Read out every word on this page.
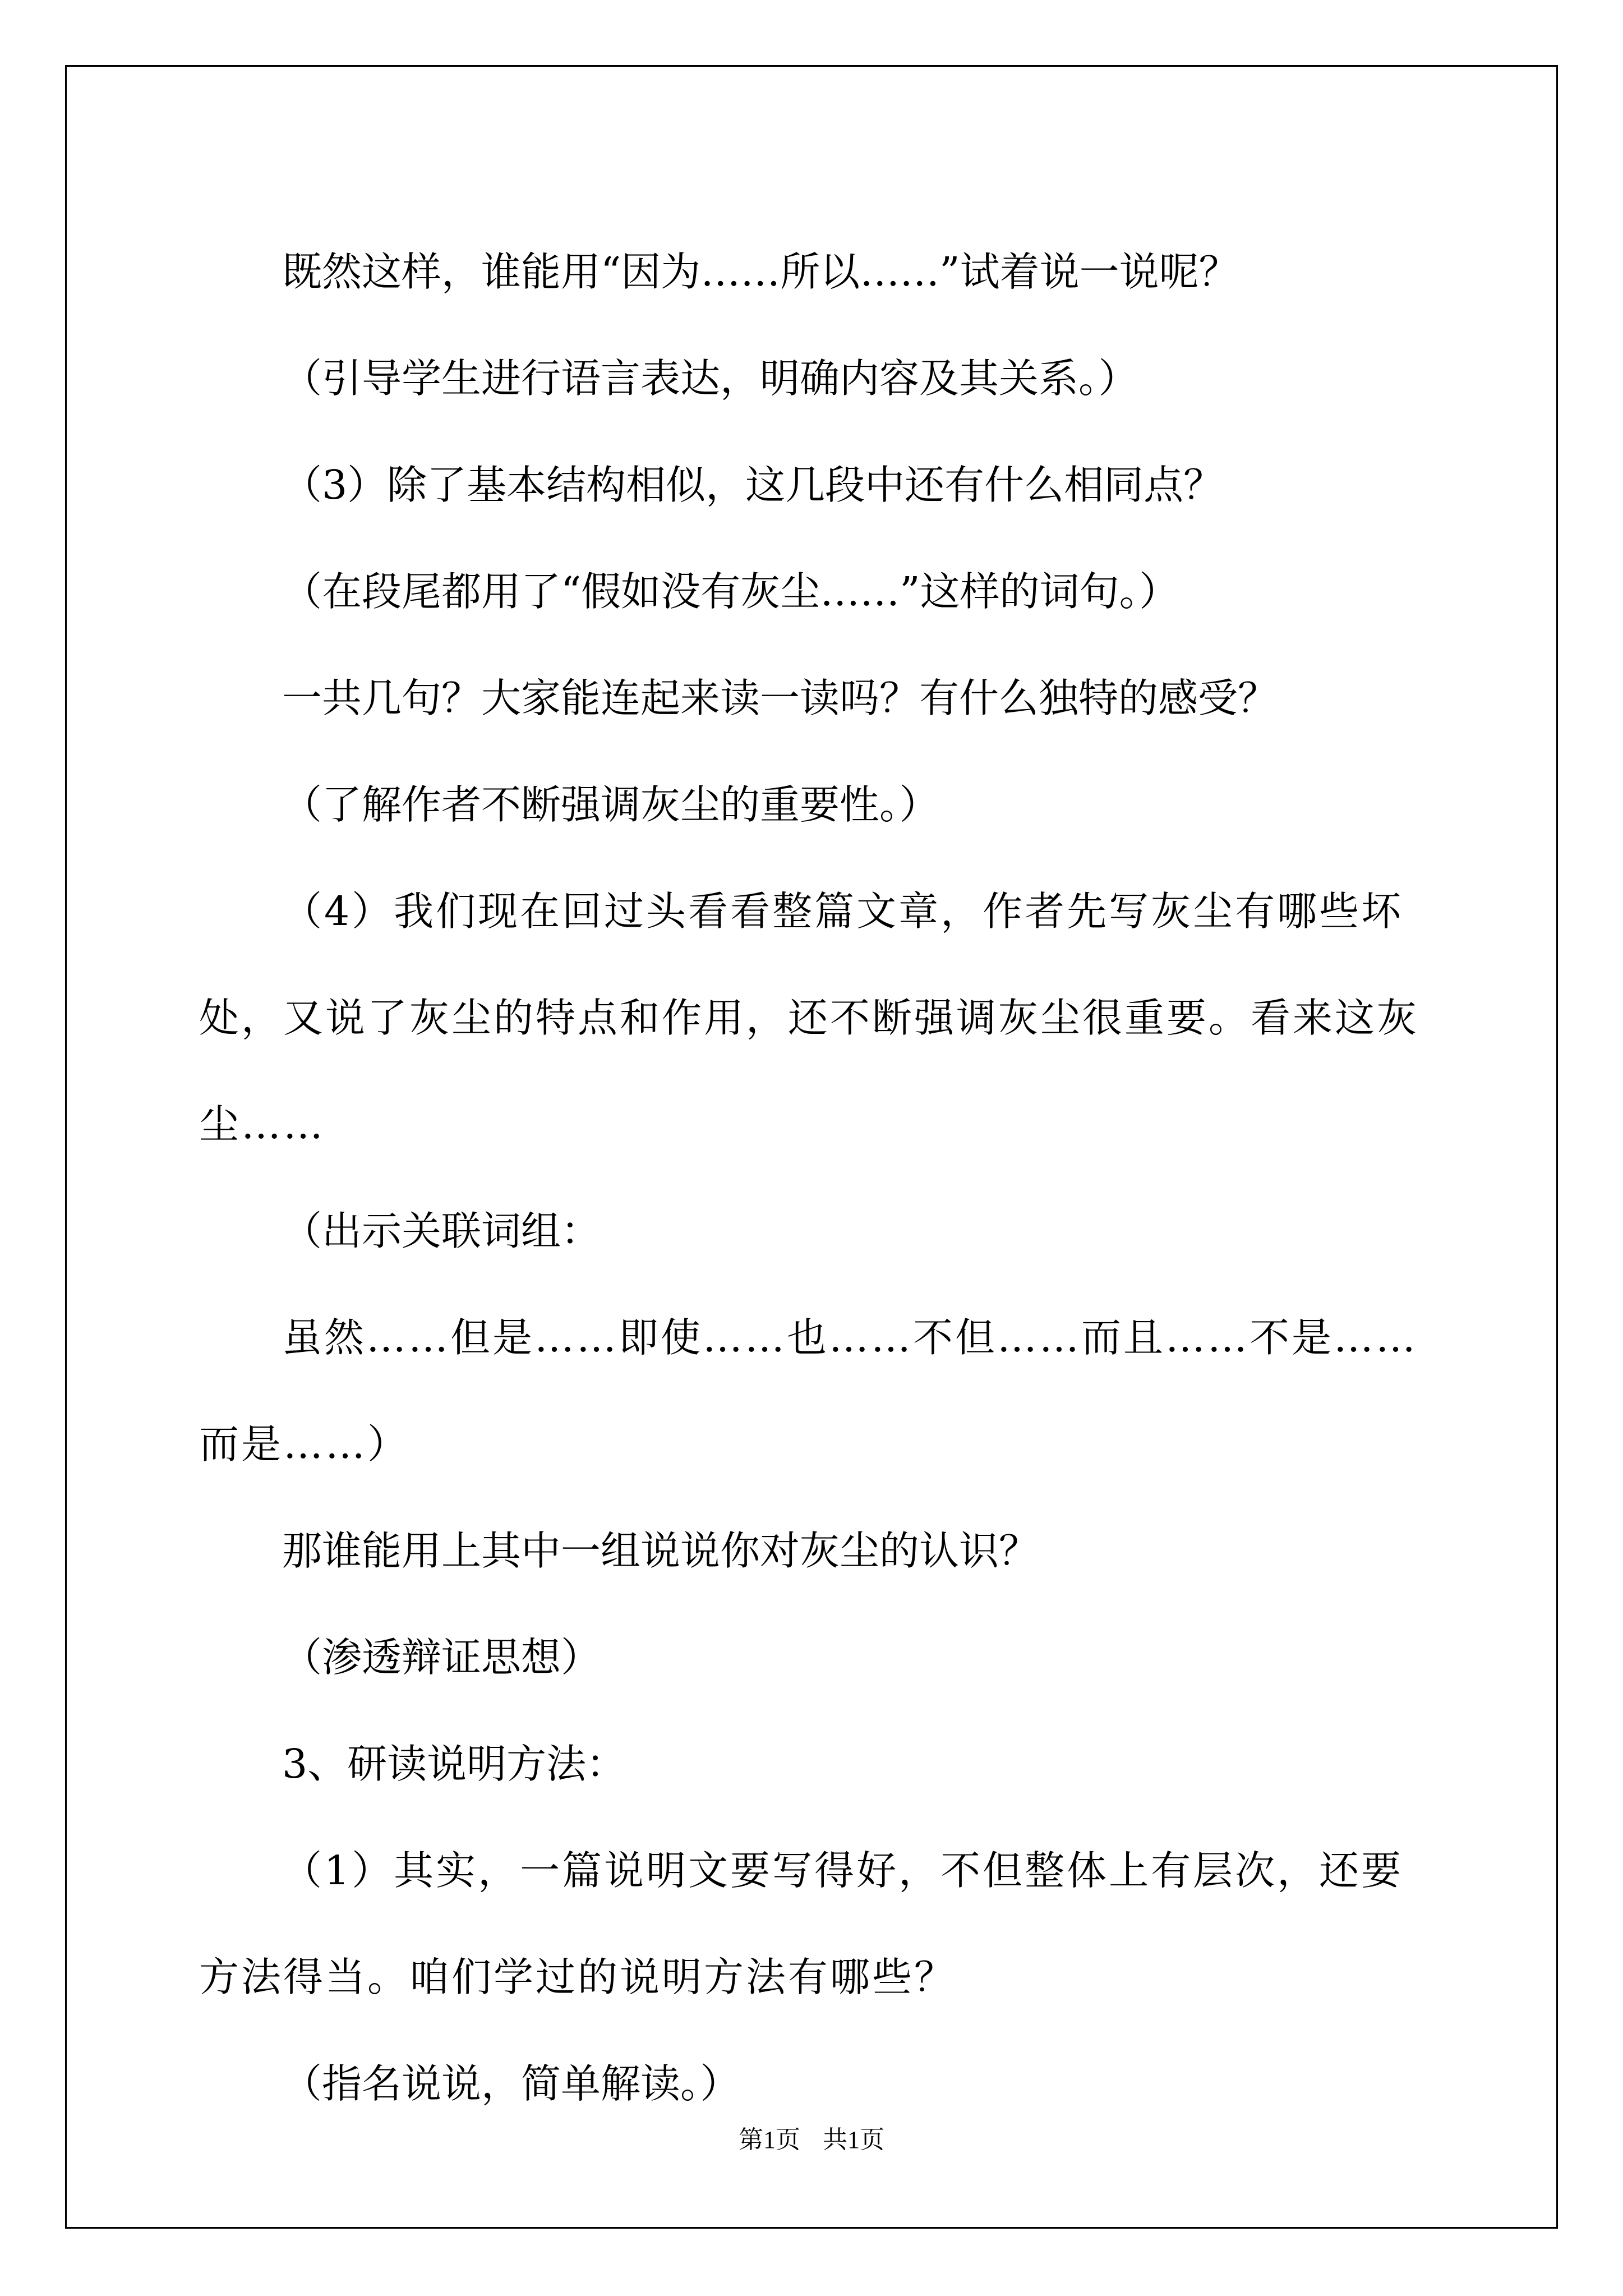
既然这样，谁能用“因为……所以……”试着说一说呢？

（引导学生进行语言表达，明确内容及其关系。）

（3）除了基本结构相似，这几段中还有什么相同点？

（在段尾都用了“假如没有灰尘……”这样的词句。）

一共几句？大家能连起来读一读吗？有什么独特的感受？

（了解作者不断强调灰尘的重要性。）

（4）我们现在回过头看看整篇文章，作者先写灰尘有哪些坏处，又说了灰尘的特点和作用，还不断强调灰尘很重要。看来这灰尘……

（出示关联词组：

虽然……但是……即使……也……不但……而且……不是……而是……）

那谁能用上其中一组说说你对灰尘的认识？

（渗透辩证思想）

3、研读说明方法：

（1）其实，一篇说明文要写得好，不但整体上有层次，还要方法得当。咱们学过的说明方法有哪些？

（指名说说，简单解读。）

第1页 共1页
